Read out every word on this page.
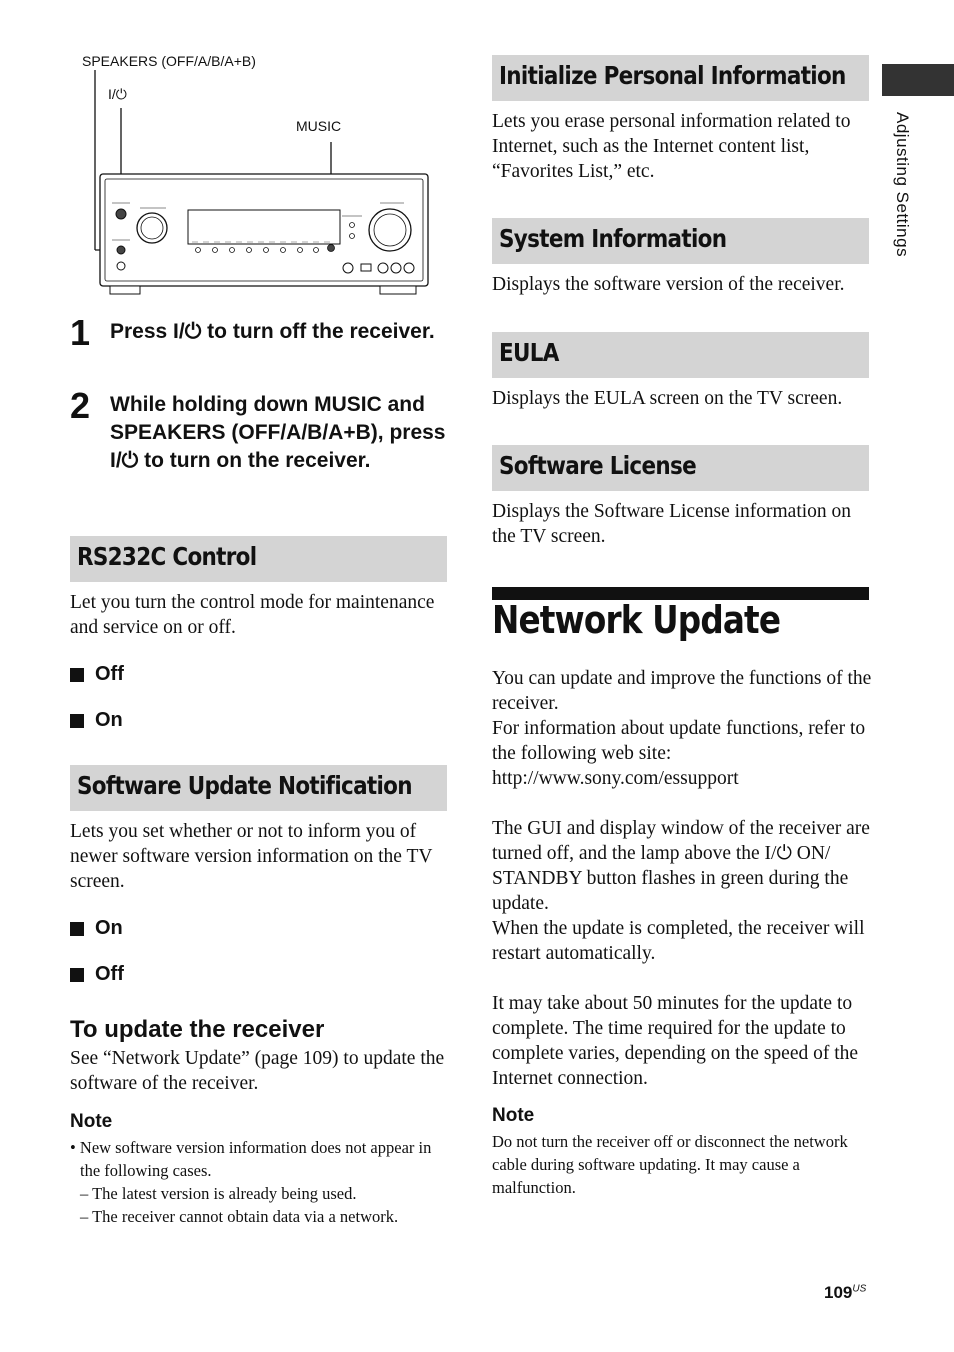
SPEAKERS (OFF/A/B/A+B)
I/⏻
MUSIC
1 Press I/⏻ to turn off the receiver.
2 While holding down MUSIC and SPEAKERS (OFF/A/B/A+B), press I/⏻ to turn on the receiver.
RS232C Control
Let you turn the control mode for maintenance and service on or off.
Off
On
Software Update Notification
Lets you set whether or not to inform you of newer software version information on the TV screen.
On
Off
To update the receiver
See “Network Update” (page 109) to update the software of the receiver.
Note
• New software version information does not appear in the following cases.
– The latest version is already being used.
– The receiver cannot obtain data via a network.
Initialize Personal Information
Lets you erase personal information related to Internet, such as the Internet content list, “Favorites List,” etc.
System Information
Displays the software version of the receiver.
EULA
Displays the EULA screen on the TV screen.
Software License
Displays the Software License information on the TV screen.
Network Update
You can update and improve the functions of the receiver.
For information about update functions, refer to the following web site:
http://www.sony.com/essupport
The GUI and display window of the receiver are turned off, and the lamp above the I/⏻ ON/ STANDBY button flashes in green during the update.
When the update is completed, the receiver will restart automatically.
It may take about 50 minutes for the update to complete. The time required for the update to complete varies, depending on the speed of the Internet connection.
Note
Do not turn the receiver off or disconnect the network cable during software updating. It may cause a malfunction.
Adjusting Settings
$109^{US}$
